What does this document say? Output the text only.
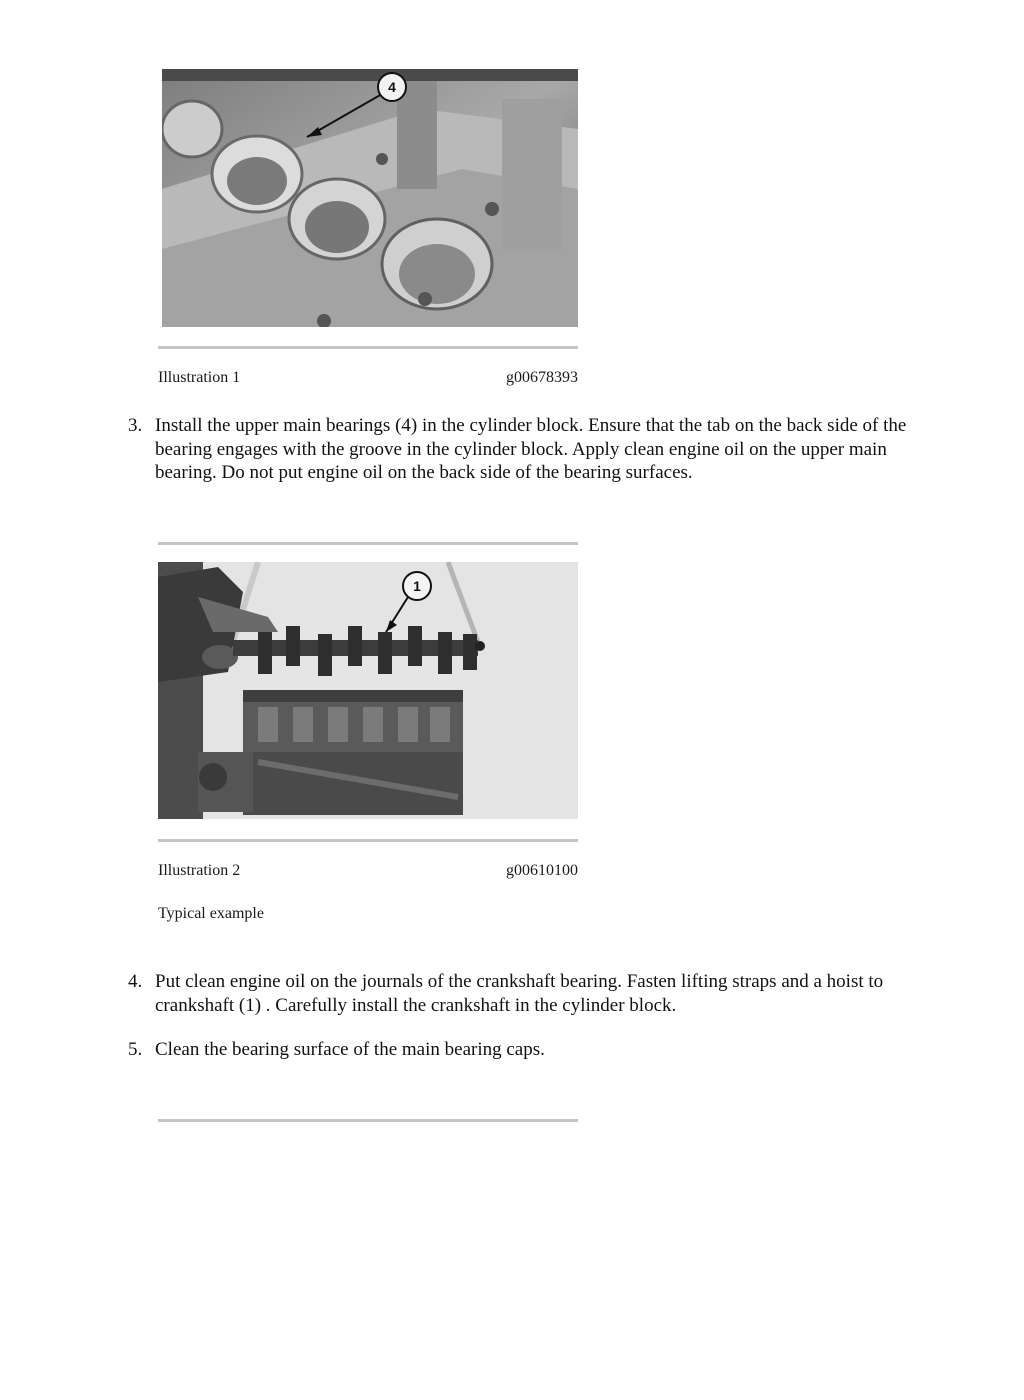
4
Illustration 1	g00678393
3. Install the upper main bearings (4) in the cylinder block. Ensure that the tab on the back side of the bearing engages with the groove in the cylinder block. Apply clean engine oil on the upper main bearing. Do not put engine oil on the back side of the bearing surfaces.
1
Illustration 2	g00610100
Typical example
4. Put clean engine oil on the journals of the crankshaft bearing. Fasten lifting straps and a hoist to crankshaft (1) . Carefully install the crankshaft in the cylinder block.
5. Clean the bearing surface of the main bearing caps.
